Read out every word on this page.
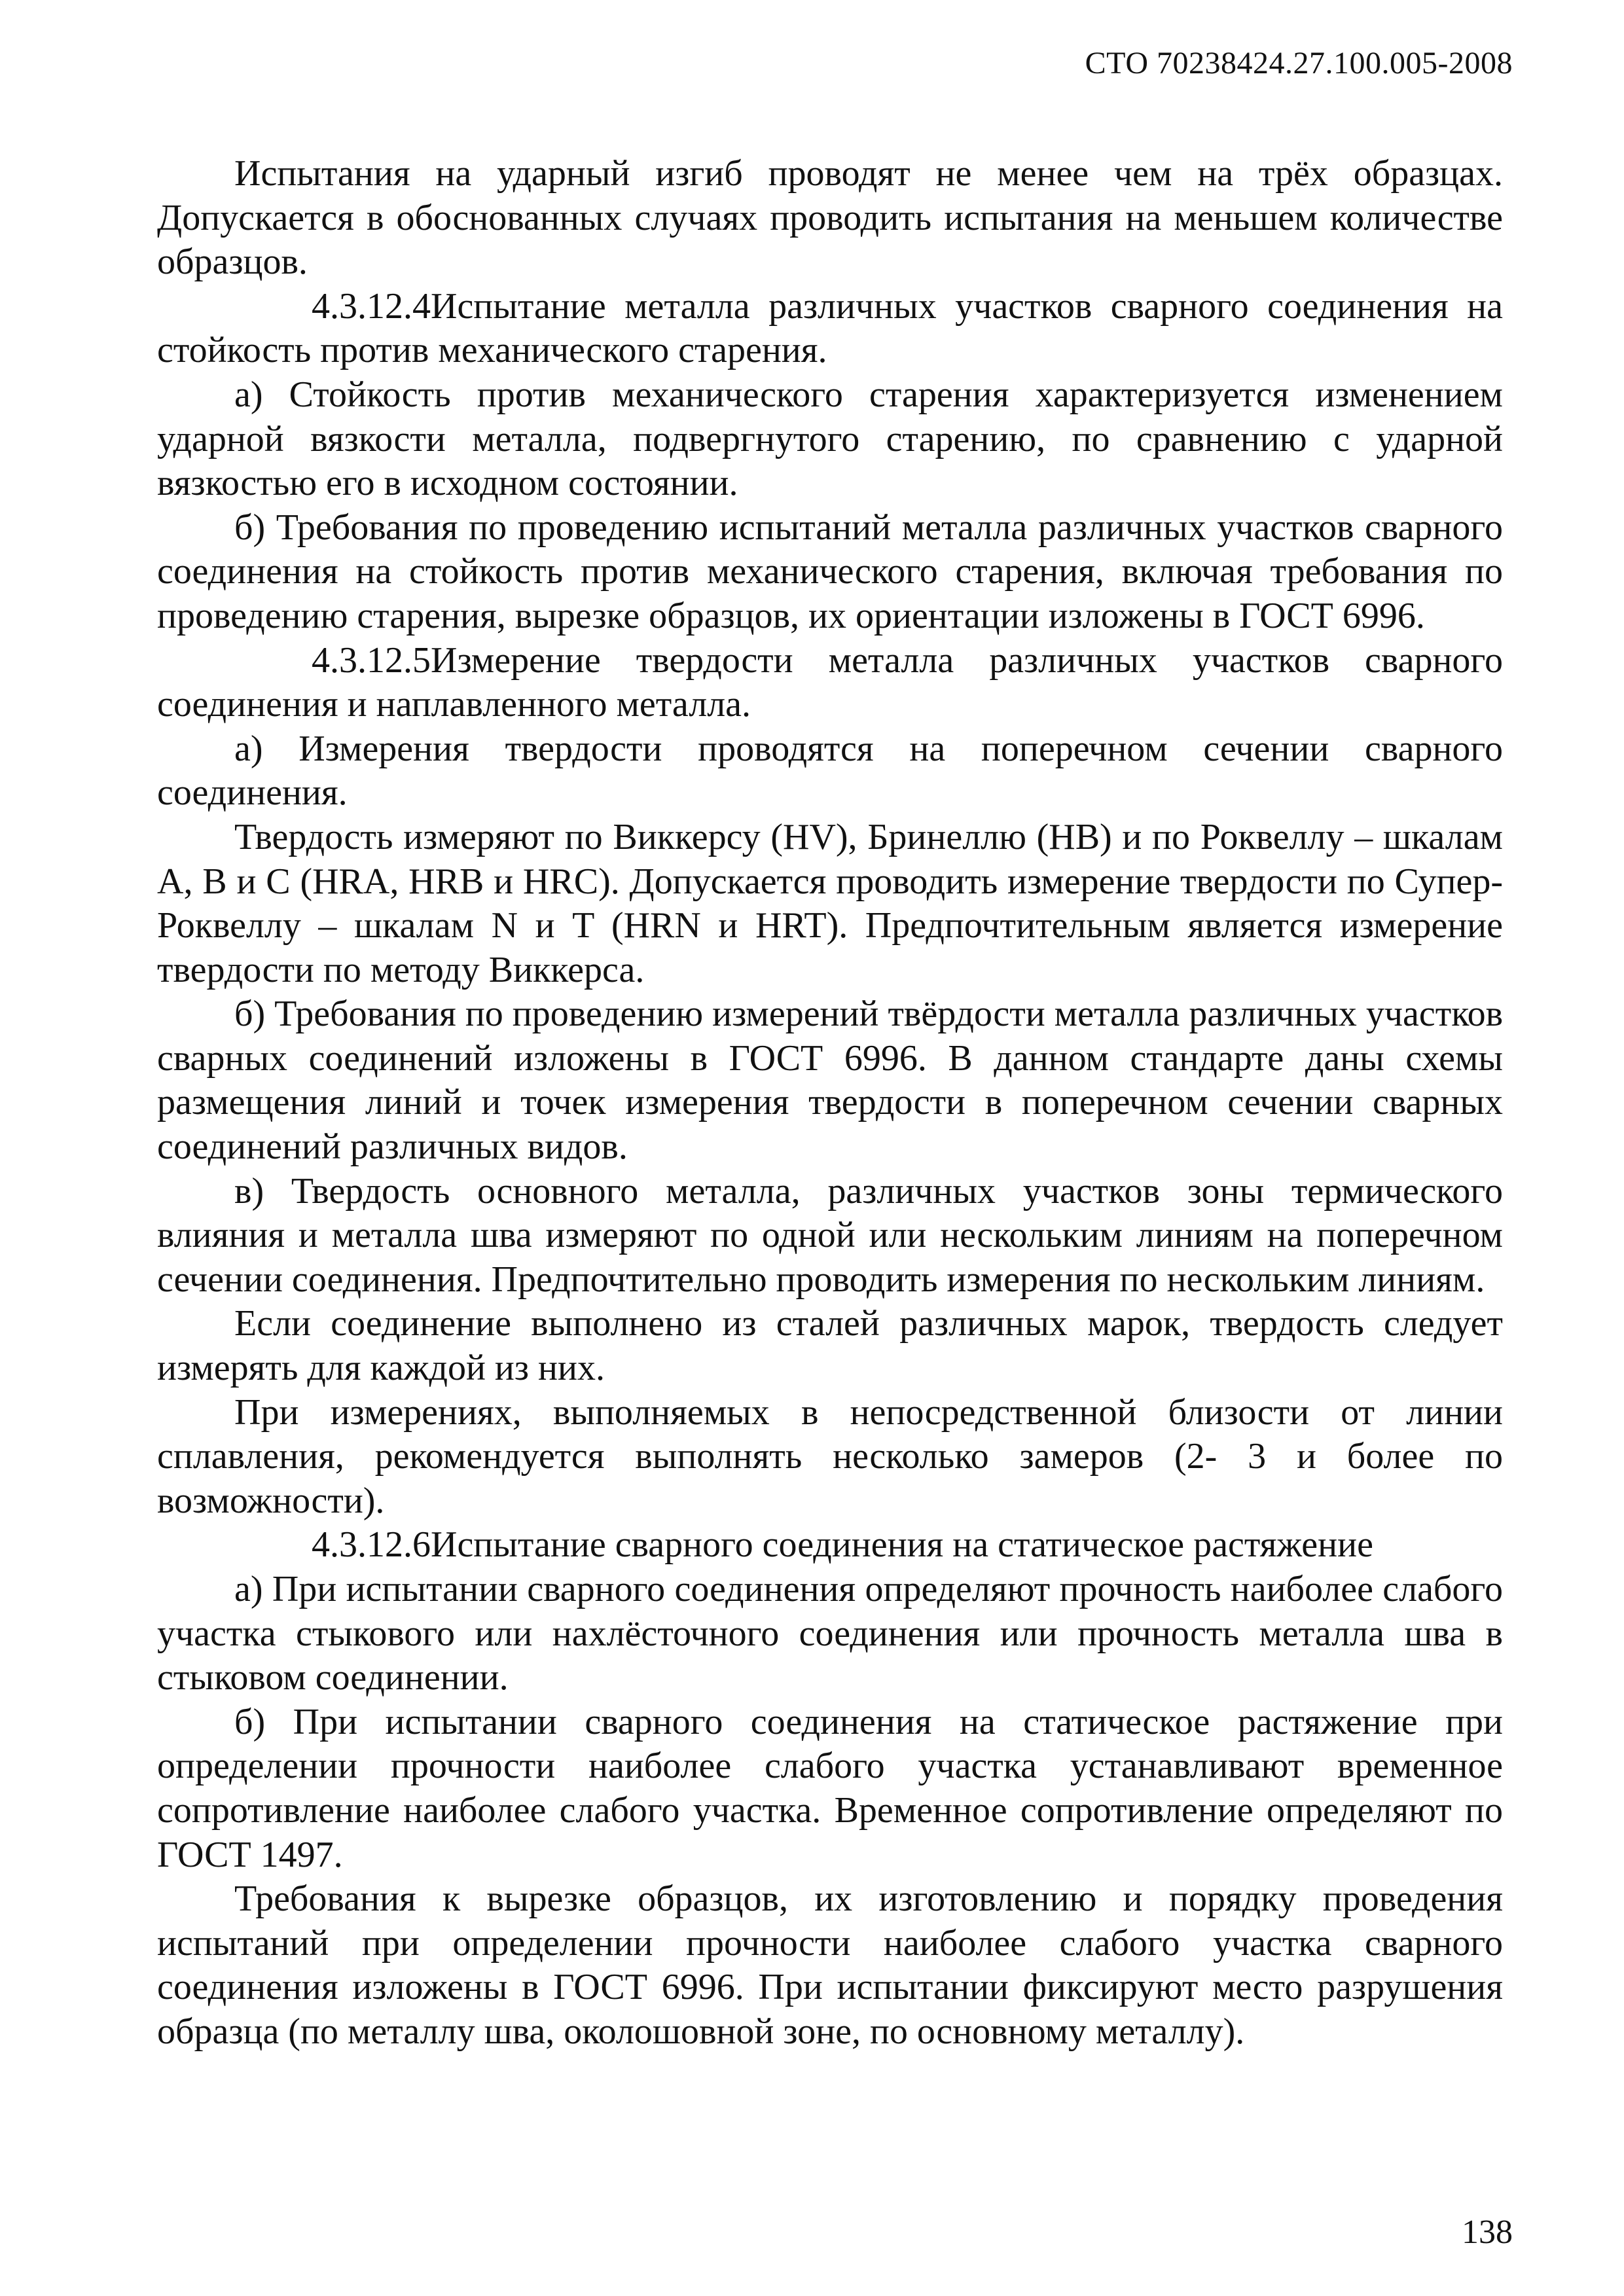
СТО 70238424.27.100.005-2008

Испытания на ударный изгиб проводят не менее чем на трёх образцах. Допускается в обоснованных случаях проводить испытания на меньшем количестве образцов.

4.3.12.4Испытание металла различных участков сварного соединения на стойкость против механического старения.

а) Стойкость против механического старения характеризуется изменением ударной вязкости металла, подвергнутого старению, по сравнению с ударной вязкостью его в исходном состоянии.

б) Требования по проведению испытаний металла различных участков сварного соединения на стойкость против механического старения, включая требования по проведению старения, вырезке образцов, их ориентации изложены в ГОСТ 6996.

4.3.12.5Измерение твердости металла различных участков сварного соединения и наплавленного металла.

а) Измерения твердости проводятся на поперечном сечении сварного соединения.

Твердость измеряют по Виккерсу (HV), Бринеллю (HB) и по Роквеллу – шкалам А, В и С (HRA, HRB и HRC). Допускается проводить измерение твердости по Супер-Роквеллу – шкалам N и T (HRN и HRT). Предпочтительным является измерение твердости по методу Виккерса.

б) Требования по проведению измерений твёрдости металла различных участков сварных соединений изложены в ГОСТ 6996. В данном стандарте даны схемы размещения линий и точек измерения твердости в поперечном сечении сварных соединений различных видов.

в) Твердость основного металла, различных участков зоны термического влияния и металла шва измеряют по одной или нескольким линиям на поперечном сечении соединения. Предпочтительно проводить измерения по нескольким линиям.

Если соединение выполнено из сталей различных марок, твердость следует измерять для каждой из них.

При измерениях, выполняемых в непосредственной близости от линии сплавления, рекомендуется выполнять несколько замеров (2- 3 и более по возможности).

4.3.12.6Испытание сварного соединения на статическое растяжение

а) При испытании сварного соединения определяют прочность наиболее слабого участка стыкового или нахлёсточного соединения или прочность металла шва в стыковом соединении.

б) При испытании сварного соединения на статическое растяжение при определении прочности наиболее слабого участка устанавливают временное сопротивление наиболее слабого участка. Временное сопротивление определяют по ГОСТ 1497.

Требования к вырезке образцов, их изготовлению и порядку проведения испытаний при определении прочности наиболее слабого участка сварного соединения изложены в ГОСТ 6996. При испытании фиксируют место разрушения образца (по металлу шва, околошовной зоне, по основному металлу).

138
